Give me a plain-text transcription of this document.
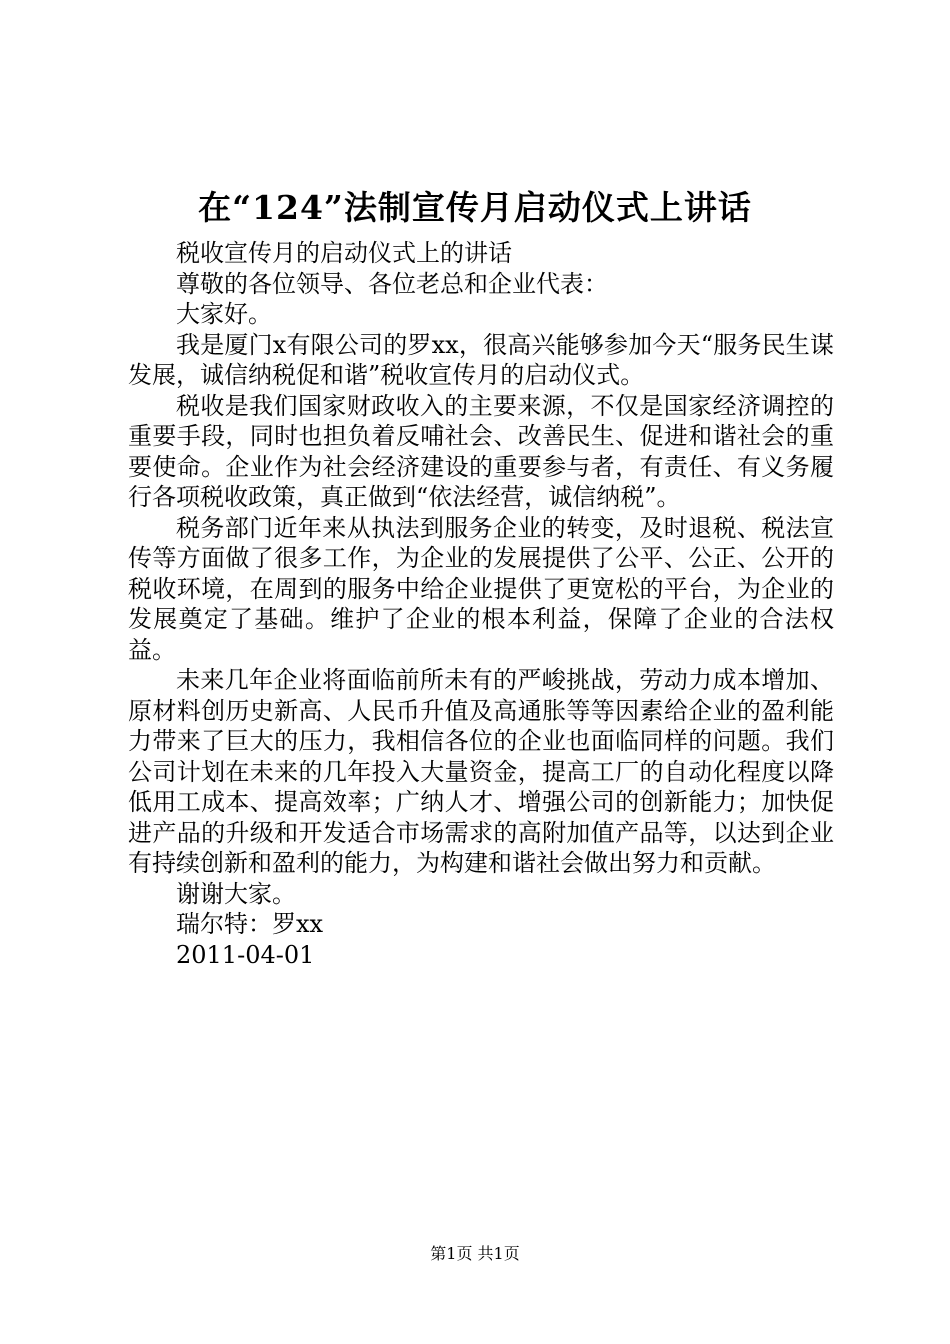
在“124”法制宣传月启动仪式上讲话

税收宣传月的启动仪式上的讲话

尊敬的各位领导、各位老总和企业代表：

大家好。

我是厦门x有限公司的罗xx，很高兴能够参加今天“服务民生谋发展，诚信纳税促和谐”税收宣传月的启动仪式。

税收是我们国家财政收入的主要来源，不仅是国家经济调控的重要手段，同时也担负着反哺社会、改善民生、促进和谐社会的重要使命。企业作为社会经济建设的重要参与者，有责任、有义务履行各项税收政策，真正做到“依法经营，诚信纳税”。

税务部门近年来从执法到服务企业的转变，及时退税、税法宣传等方面做了很多工作，为企业的发展提供了公平、公正、公开的税收环境，在周到的服务中给企业提供了更宽松的平台，为企业的发展奠定了基础。维护了企业的根本利益，保障了企业的合法权益。

未来几年企业将面临前所未有的严峻挑战，劳动力成本增加、原材料创历史新高、人民币升值及高通胀等等因素给企业的盈利能力带来了巨大的压力，我相信各位的企业也面临同样的问题。我们公司计划在未来的几年投入大量资金，提高工厂的自动化程度以降低用工成本、提高效率；广纳人才、增强公司的创新能力；加快促进产品的升级和开发适合市场需求的高附加值产品等，以达到企业有持续创新和盈利的能力，为构建和谐社会做出努力和贡献。

谢谢大家。

瑞尔特：罗xx

2011-04-01

第1页 共1页
